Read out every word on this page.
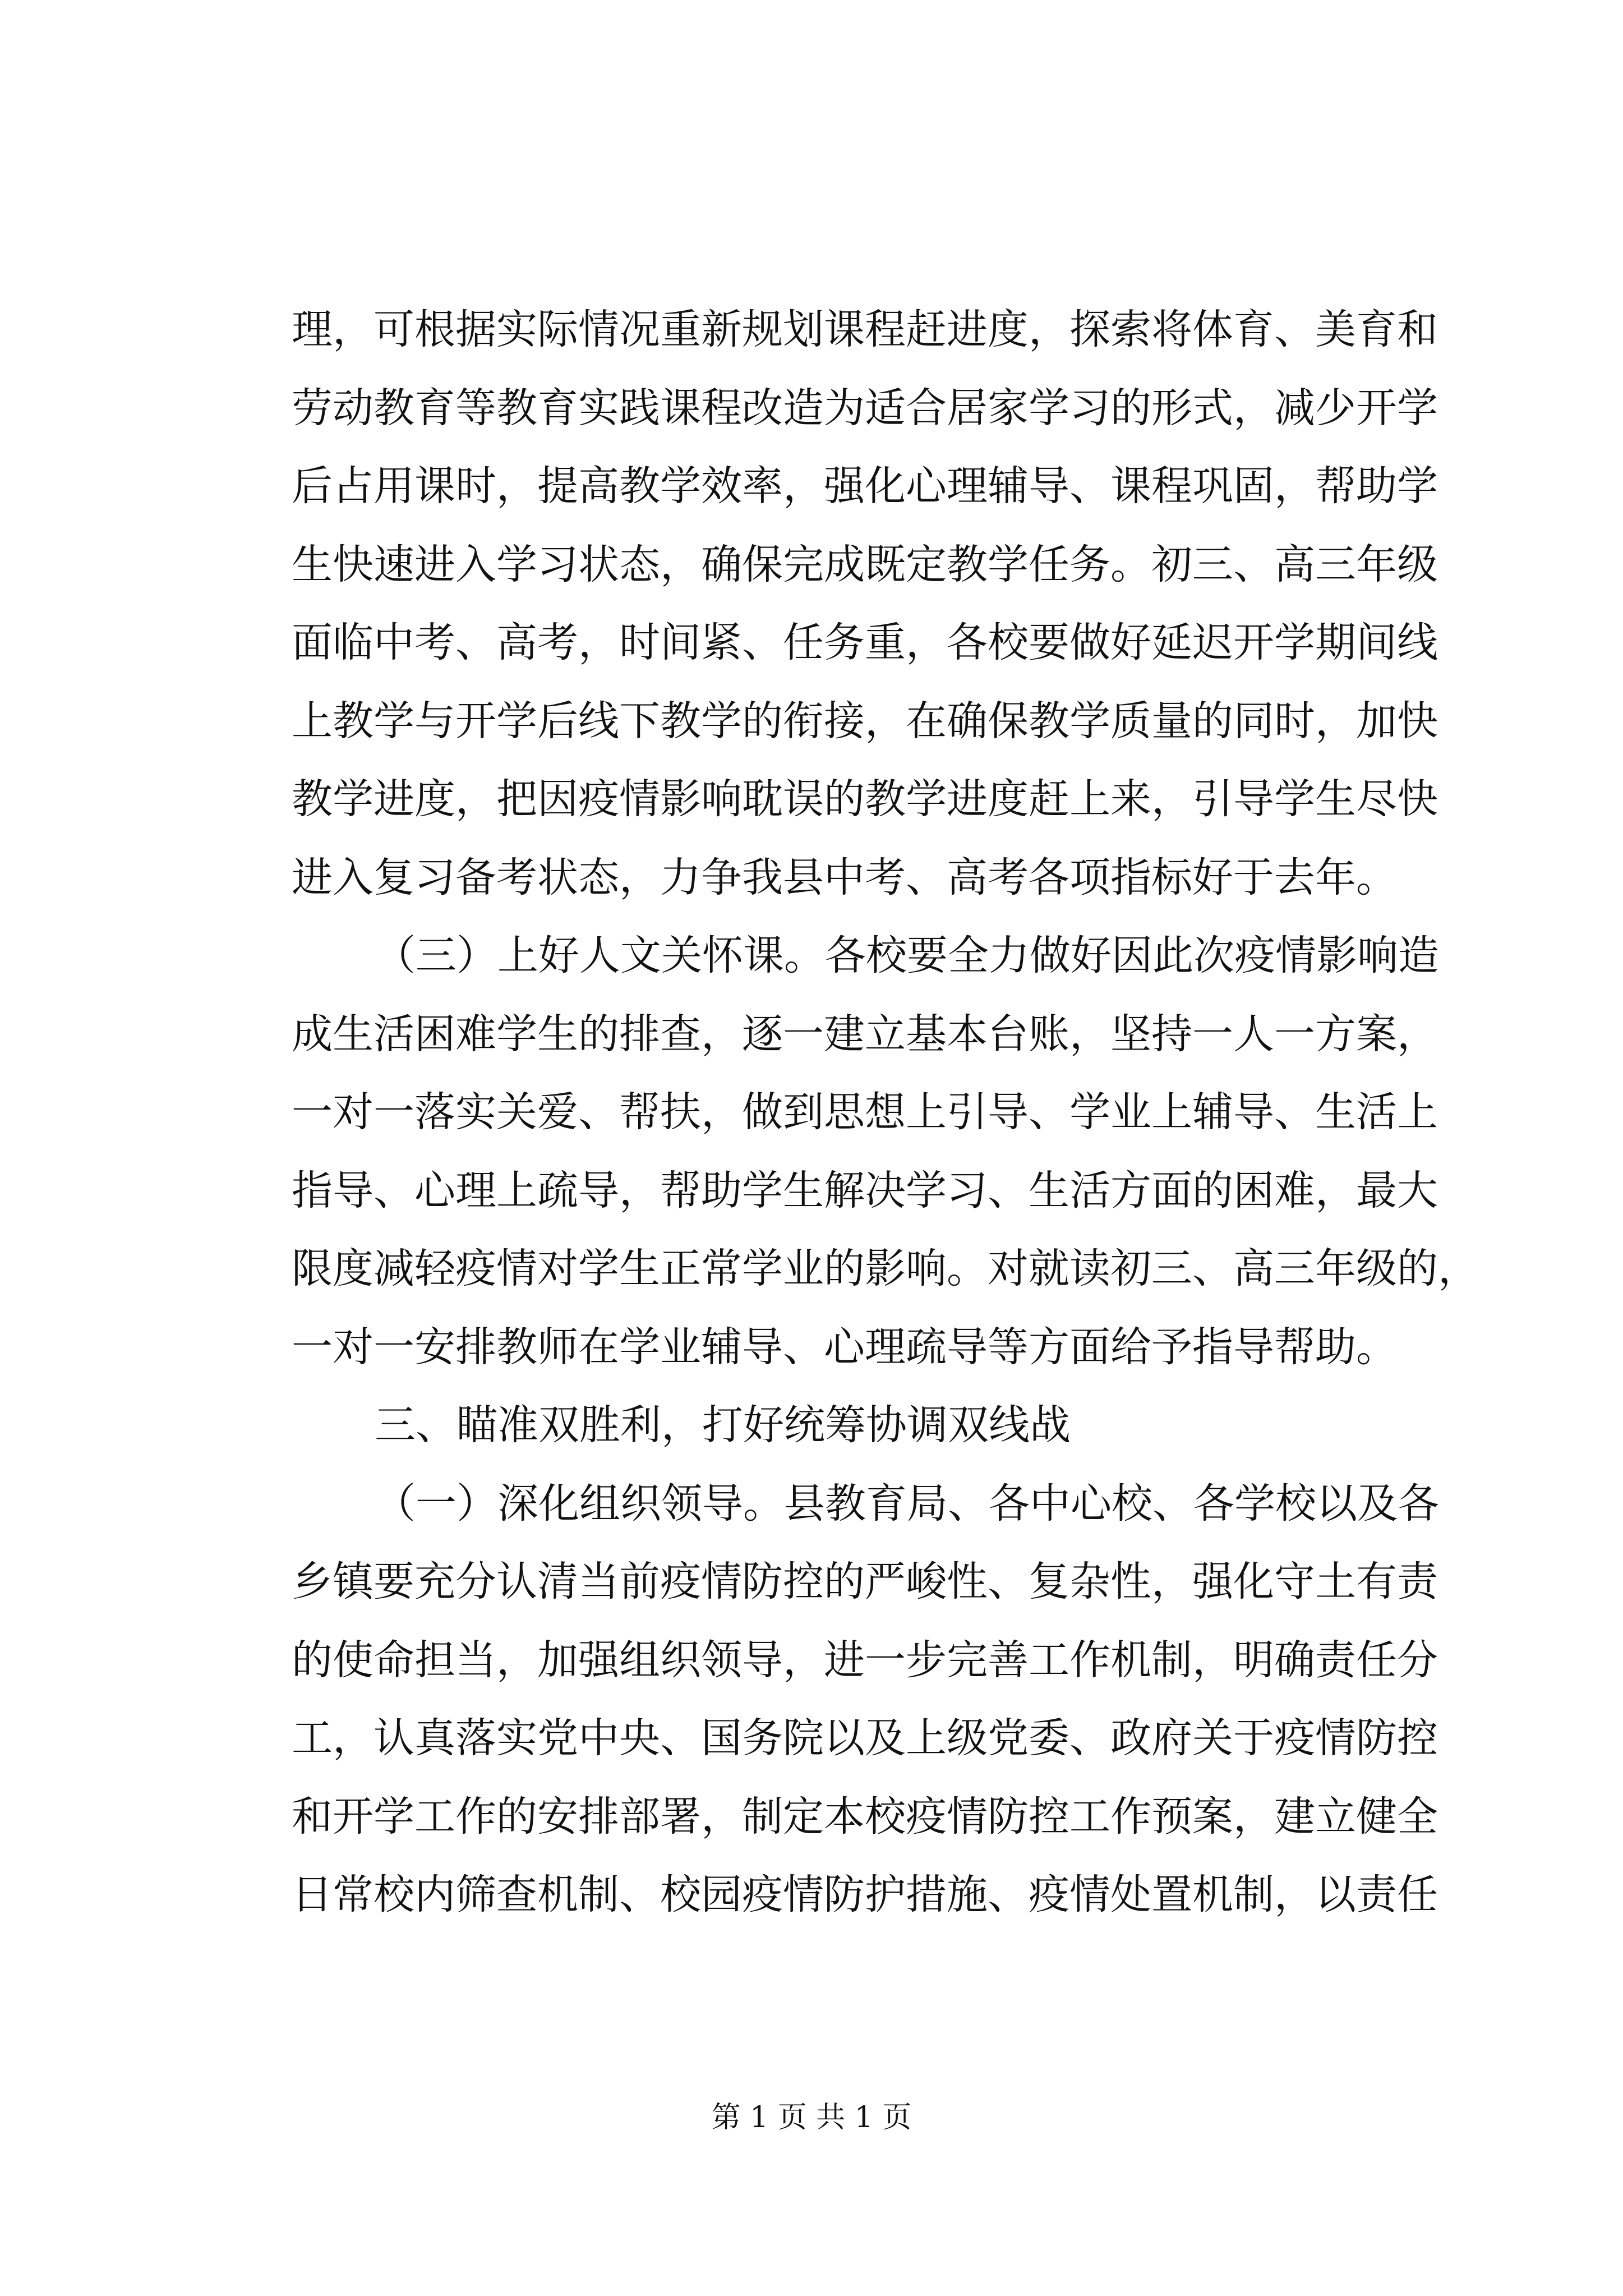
理，可根据实际情况重新规划课程赶进度，探索将体育、美育和
劳动教育等教育实践课程改造为适合居家学习的形式，减少开学
后占用课时，提高教学效率，强化心理辅导、课程巩固，帮助学
生快速进入学习状态，确保完成既定教学任务。初三、高三年级
面临中考、高考，时间紧、任务重，各校要做好延迟开学期间线
上教学与开学后线下教学的衔接，在确保教学质量的同时，加快
教学进度，把因疫情影响耽误的教学进度赶上来，引导学生尽快
进入复习备考状态，力争我县中考、高考各项指标好于去年。
（三）上好人文关怀课。各校要全力做好因此次疫情影响造
成生活困难学生的排查，逐一建立基本台账，坚持一人一方案，
一对一落实关爱、帮扶，做到思想上引导、学业上辅导、生活上
指导、心理上疏导，帮助学生解决学习、生活方面的困难，最大
限度减轻疫情对学生正常学业的影响。对就读初三、高三年级的，
一对一安排教师在学业辅导、心理疏导等方面给予指导帮助。
三、瞄准双胜利，打好统筹协调双线战
（一）深化组织领导。县教育局、各中心校、各学校以及各
乡镇要充分认清当前疫情防控的严峻性、复杂性，强化守土有责
的使命担当，加强组织领导，进一步完善工作机制，明确责任分
工，认真落实党中央、国务院以及上级党委、政府关于疫情防控
和开学工作的安排部署，制定本校疫情防控工作预案，建立健全
日常校内筛查机制、校园疫情防护措施、疫情处置机制，以责任
第 1 页 共 1 页
